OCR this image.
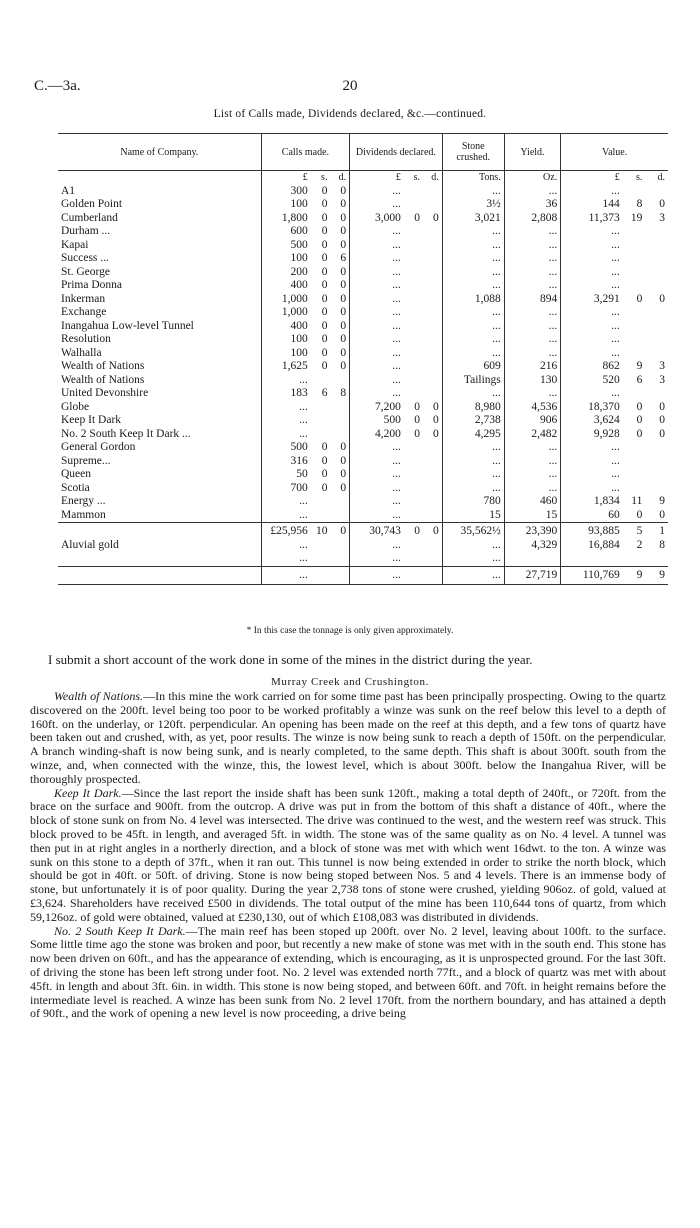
C.—3a.	20
List of Calls made, Dividends declared, &c.—continued.
Name of Company.	Calls made.			Dividends declared.			Stone crushed.	Yield.	Value.		
	£	s.	d.	£	s.	d.	Tons.	Oz.	£	s.	d.
A1	300	0	0	...			...	...	...		
Golden Point	100	0	0	...			3½	36	144	8	0
Cumberland	1,800	0	0	3,000	0	0	3,021	2,808	11,373	19	3
Durham ...	600	0	0	...			...	...	...		
Kapai	500	0	0	...			...	...	...		
Success ...	100	0	6	...			...	...	...		
St. George	200	0	0	...			...	...	...		
Prima Donna	400	0	0	...			...	...	...		
Inkerman	1,000	0	0	...			1,088	894	3,291	0	0
Exchange	1,000	0	0	...			...	...	...		
Inangahua Low-level Tunnel	400	0	0	...			...	...	...		
Resolution	100	0	0	...			...	...	...		
Walhalla	100	0	0	...			...	...	...		
Wealth of Nations	1,625	0	0	...			609	216	862	9	3
Wealth of Nations	...			...			Tailings	130	520	6	3
United Devonshire	183	6	8	...			...	...	...		
Globe	...			7,200	0	0	8,980	4,536	18,370	0	0
Keep It Dark	...			500	0	0	2,738	906	3,624	0	0
No. 2 South Keep It Dark ...	...			4,200	0	0	4,295	2,482	9,928	0	0
General Gordon	500	0	0	...			...	...	...		
Supreme...	316	0	0	...			...	...	...		
Queen	50	0	0	...			...	...	...		
Scotia	700	0	0	...			...	...	...		
Energy ...	...			...			780	460	1,834	11	9
Mammon	...			...			15	15	60	0	0
	£25,956	10	0	30,743	0	0	35,562½	23,390	93,885	5	1
Aluvial gold	...			...			...	4,329	16,884	2	8
	...			...			...				
	...			...			...	27,719	110,769	9	9
* In this case the tonnage is only given approximately.
I submit a short account of the work done in some of the mines in the district during the year.
Murray Creek and Crushington.

Wealth of Nations.—In this mine the work carried on for some time past has been principally prospecting. Owing to the quartz discovered on the 200ft. level being too poor to be worked profitably a winze was sunk on the reef below this level to a depth of 160ft. on the underlay, or 120ft. perpendicular. An opening has been made on the reef at this depth, and a few tons of quartz have been taken out and crushed, with, as yet, poor results. The winze is now being sunk to reach a depth of 150ft. on the perpendicular. A branch winding-shaft is now being sunk, and is nearly completed, to the same depth. This shaft is about 300ft. south from the winze, and, when connected with the winze, this, the lowest level, which is about 300ft. below the Inangahua River, will be thoroughly prospected.

Keep It Dark.—Since the last report the inside shaft has been sunk 120ft., making a total depth of 240ft., or 720ft. from the brace on the surface and 900ft. from the outcrop. A drive was put in from the bottom of this shaft a distance of 40ft., where the block of stone sunk on from No. 4 level was intersected. The drive was continued to the west, and the western reef was struck. This block proved to be 45ft. in length, and averaged 5ft. in width. The stone was of the same quality as on No. 4 level. A tunnel was then put in at right angles in a northerly direction, and a block of stone was met with which went 16dwt. to the ton. A winze was sunk on this stone to a depth of 37ft., when it ran out. This tunnel is now being extended in order to strike the north block, which should be got in 40ft. or 50ft. of driving. Stone is now being stoped between Nos. 5 and 4 levels. There is an immense body of stone, but unfortunately it is of poor quality. During the year 2,738 tons of stone were crushed, yielding 906oz. of gold, valued at £3,624. Shareholders have received £500 in dividends. The total output of the mine has been 110,644 tons of quartz, from which 59,126oz. of gold were obtained, valued at £230,130, out of which £108,083 was distributed in dividends.

No. 2 South Keep It Dark.—The main reef has been stoped up 200ft. over No. 2 level, leaving about 100ft. to the surface. Some little time ago the stone was broken and poor, but recently a new make of stone was met with in the south end. This stone has now been driven on 60ft., and has the appearance of extending, which is encouraging, as it is unprospected ground. For the last 30ft. of driving the stone has been left strong under foot. No. 2 level was extended north 77ft., and a block of quartz was met with about 45ft. in length and about 3ft. 6in. in width. This stone is now being stoped, and between 60ft. and 70ft. in height remains before the intermediate level is reached. A winze has been sunk from No. 2 level 170ft. from the northern boundary, and has attained a depth of 90ft., and the work of opening a new level is now proceeding, a drive being
